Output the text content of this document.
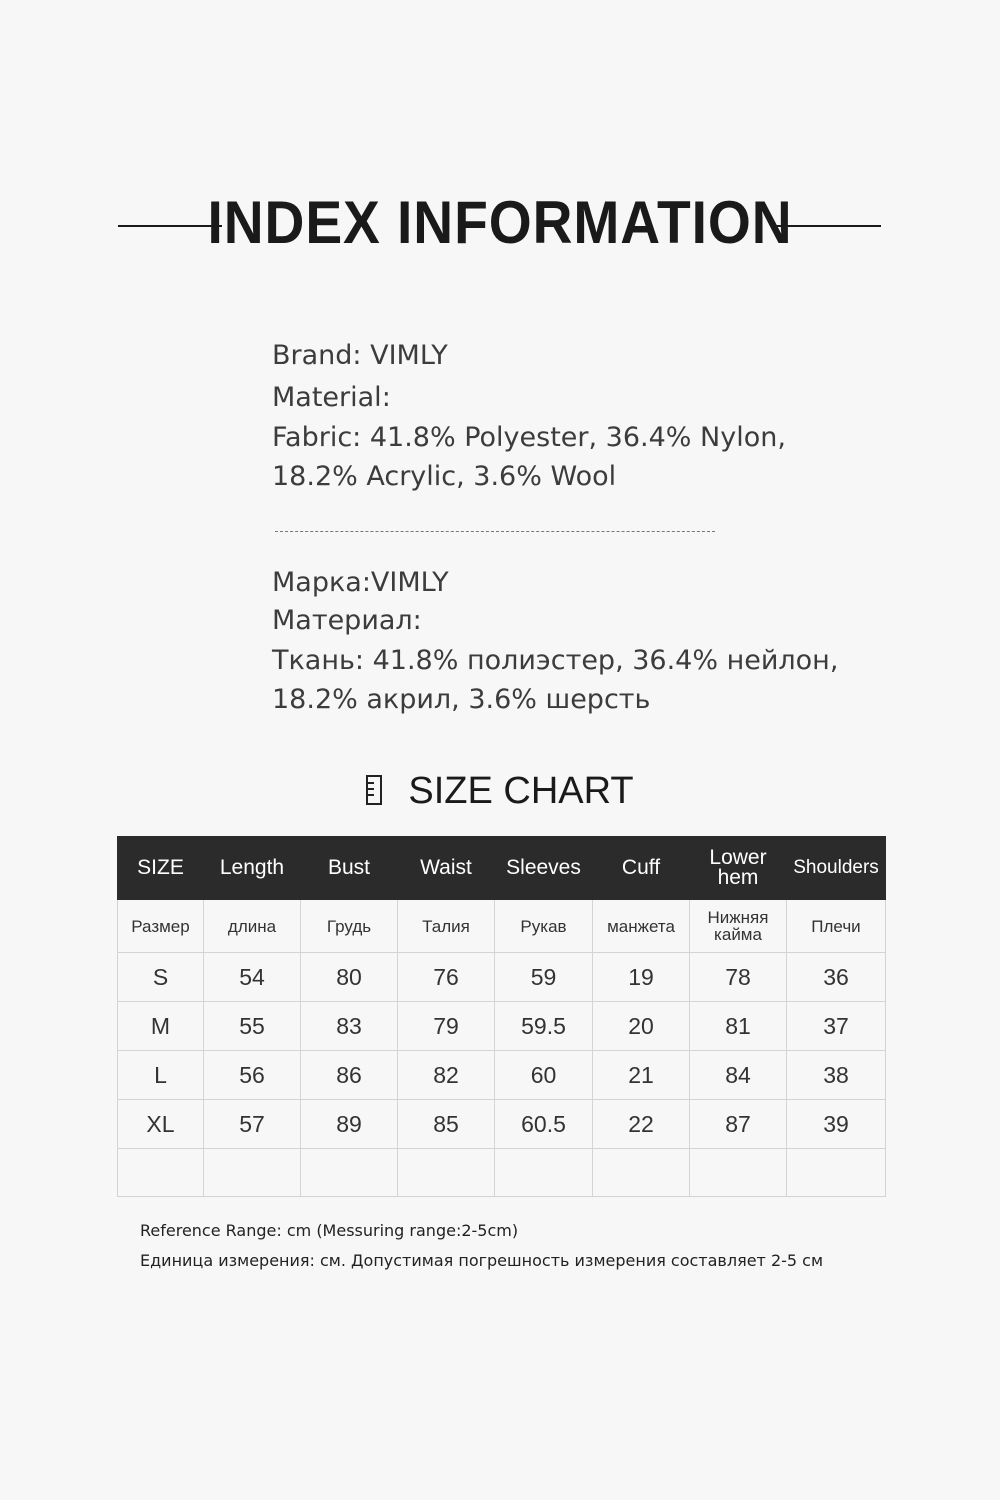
INDEX INFORMATION
Brand: VIMLY
Material:
Fabric: 41.8% Polyester, 36.4% Nylon,
18.2% Acrylic, 3.6% Wool
Марка:VIMLY
Материал:
Ткань: 41.8% полиэстер, 36.4% нейлон,
18.2% акрил, 3.6% шерсть
SIZE CHART
SIZE	Length	Bust	Waist	Sleeves	Cuff	Lower hem	Shoulders
Размер	длина	Грудь	Талия	Рукав	манжета	Нижняя кайма	Плечи
S	54	80	76	59	19	78	36
M	55	83	79	59.5	20	81	37
L	56	86	82	60	21	84	38
XL	57	89	85	60.5	22	87	39

Reference Range: cm (Messuring range:2-5cm)
Единица измерения: см. Допустимая погрешность измерения составляет 2-5 см
